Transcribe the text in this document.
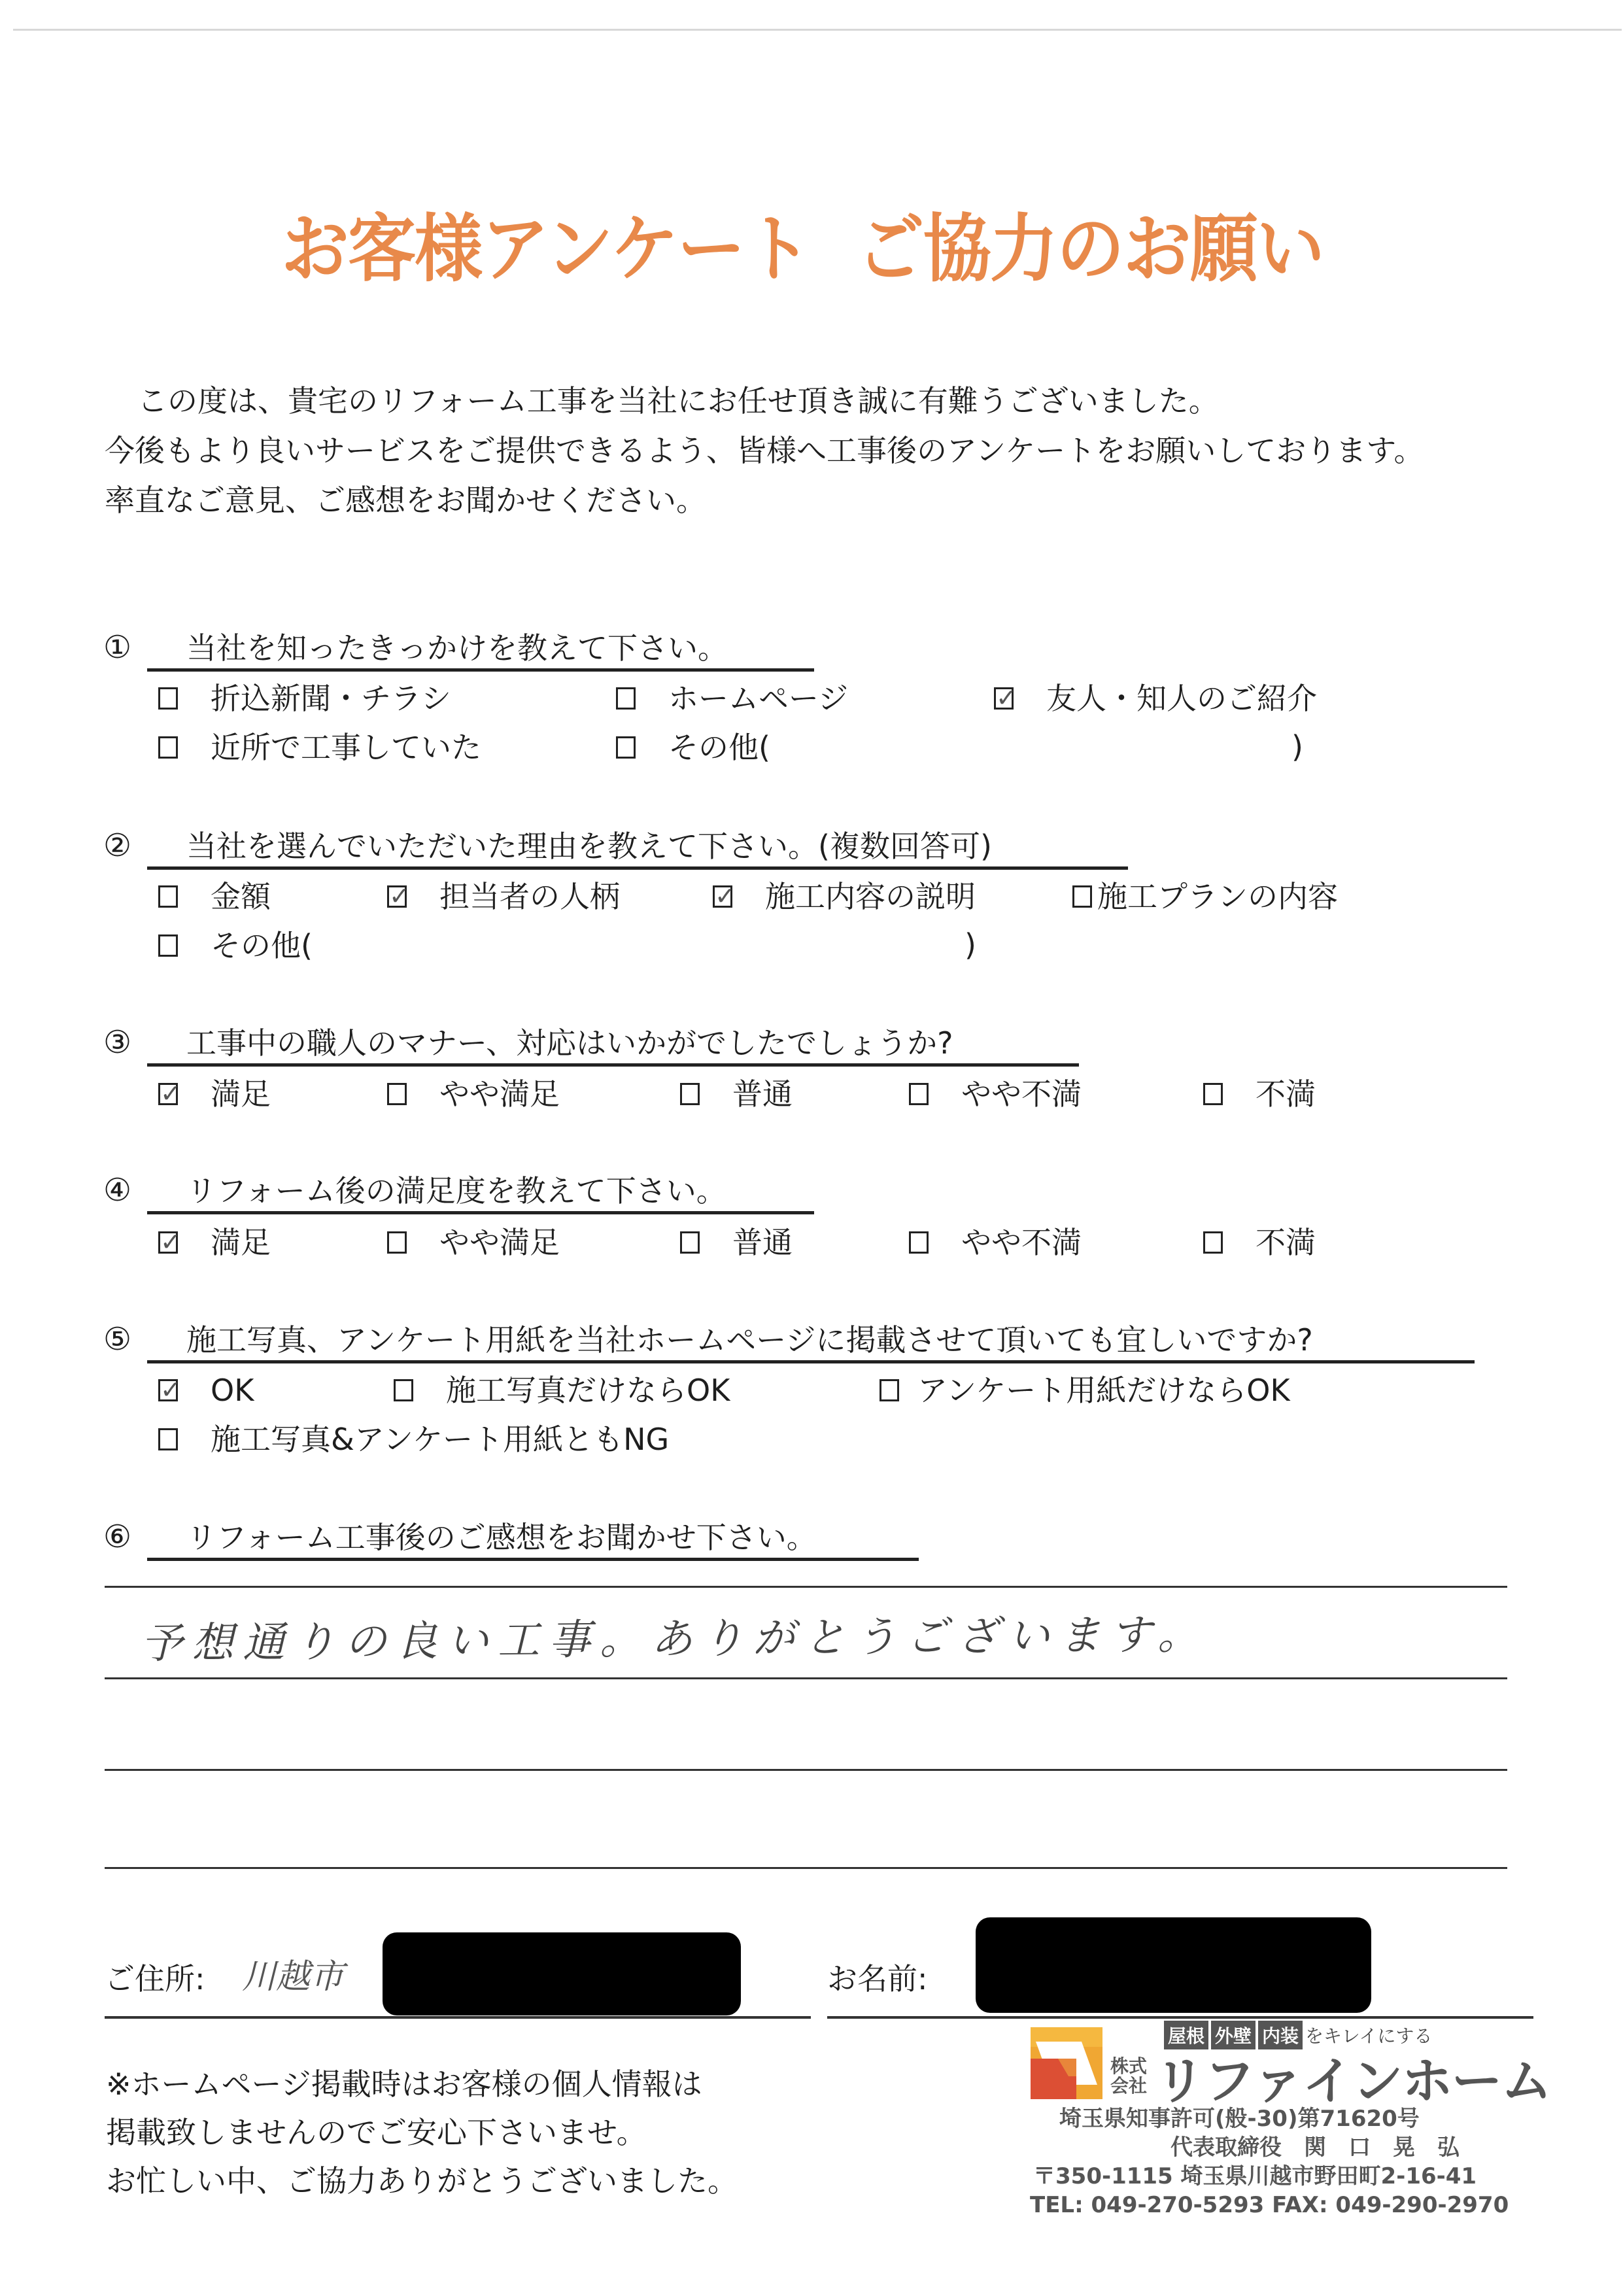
お客様アンケート ご協力のお願い
この度は、貴宅のリフォーム工事を当社にお任せ頂き誠に有難うございました。
今後もより良いサービスをご提供できるよう、皆様へ工事後のアンケートをお願いしております。
率直なご意見、ご感想をお聞かせください。
①	当社を知ったきっかけを教えて下さい。
折込新聞・チラシ	ホームページ	✓ 友人・知人のご紹介
近所で工事していた	その他(	)
②	当社を選んでいただいた理由を教えて下さい。(複数回答可)
金額	✓ 担当者の人柄	✓ 施工内容の説明	施工プランの内容
その他(	)
③	工事中の職人のマナー、対応はいかがでしたでしょうか?
✓ 満足	やや満足	普通	やや不満	不満
④	リフォーム後の満足度を教えて下さい。
✓ 満足	やや満足	普通	やや不満	不満
⑤	施工写真、アンケート用紙を当社ホームページに掲載させて頂いても宜しいですか?
✓ OK	施工写真だけならOK	アンケート用紙だけならOK
施工写真&アンケート用紙ともNG
⑥	リフォーム工事後のご感想をお聞かせ下さい。
予想通りの良い工事。ありがとうございます。
ご住所: 川越市	お名前:
※ホームページ掲載時はお客様の個人情報は
掲載致しませんのでご安心下さいませ。
お忙しい中、ご協力ありがとうございました。
屋根 外壁 内装 をキレイにする
株式
会社 リファインホーム
埼玉県知事許可(般-30)第71620号
代表取締役　関　口　晃　弘
〒350-1115 埼玉県川越市野田町2-16-41
TEL: 049-270-5293 FAX: 049-290-2970
